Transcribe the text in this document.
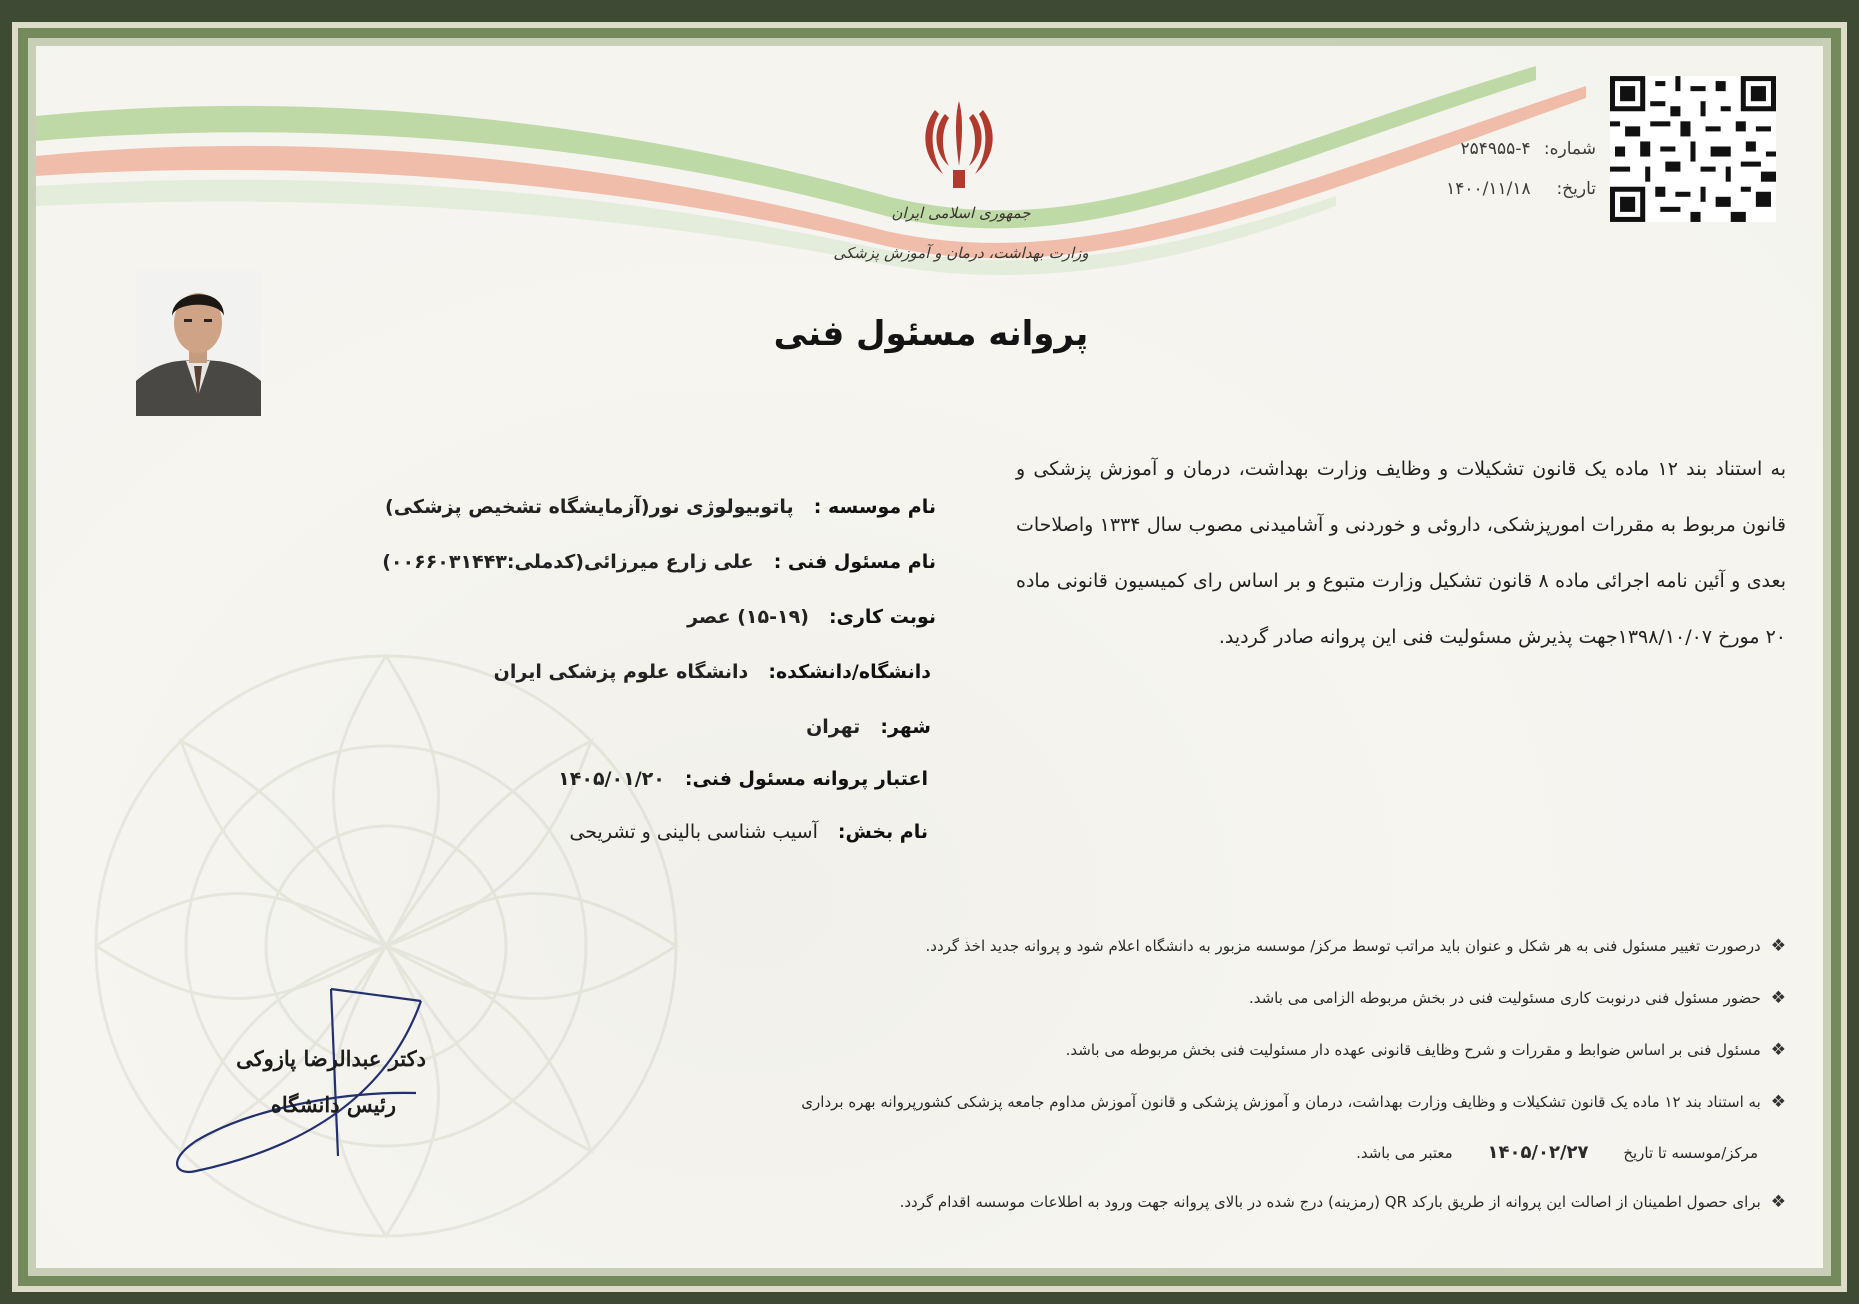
جمهوری اسلامی ایران
وزارت بهداشت، درمان و آموزش پزشکی
شماره: ۲۵۴۹۵۵-۴
تاریخ: ۱۴۰۰/۱۱/۱۸
پروانه مسئول فنی
به استناد بند ۱۲ ماده یک قانون تشکیلات و وظایف وزارت بهداشت، درمان و آموزش پزشکی و قانون مربوط به مقررات امورپزشکی، داروئی و خوردنی و آشامیدنی مصوب سال ۱۳۳۴ واصلاحات بعدی و آئین نامه اجرائی ماده ۸ قانون تشکیل وزارت متبوع و بر اساس رای کمیسیون قانونی ماده ۲۰ مورخ ۱۳۹۸/۱۰/۰۷جهت پذیرش مسئولیت فنی این پروانه صادر گردید.
نام موسسه : پاتوبیولوژی نور(آزمایشگاه تشخیص پزشکی)
نام مسئول فنی : علی زارع میرزائی(کدملی:۰۰۶۶۰۳۱۴۴۳)
نوبت کاری: (۱۹-۱۵) عصر
دانشگاه/دانشکده: دانشگاه علوم پزشکی ایران
شهر: تهران
اعتبار پروانه مسئول فنی: ۱۴۰۵/۰۱/۲۰
نام بخش: آسیب شناسی بالینی و تشریحی
❖درصورت تغییر مسئول فنی به هر شکل و عنوان باید مراتب توسط مرکز/ موسسه مزبور به دانشگاه اعلام شود و پروانه جدید اخذ گردد.
❖حضور مسئول فنی درنوبت کاری مسئولیت فنی در بخش مربوطه الزامی می باشد.
❖مسئول فنی بر اساس ضوابط و مقررات و شرح وظایف قانونی عهده دار مسئولیت فنی بخش مربوطه می باشد.
❖به استناد بند ۱۲ ماده یک قانون تشکیلات و وظایف وزارت بهداشت، درمان و آموزش پزشکی و قانون آموزش مداوم جامعه پزشکی کشورپروانه بهره برداری
مرکز/موسسه تا تاریخ ۱۴۰۵/۰۲/۲۷ معتبر می باشد.
❖برای حصول اطمینان از اصالت این پروانه از طریق بارکد QR (رمزینه) درج شده در بالای پروانه جهت ورود به اطلاعات موسسه اقدام گردد.
دکتر عبدالرضا پازوکی
رئیس دانشگاه
